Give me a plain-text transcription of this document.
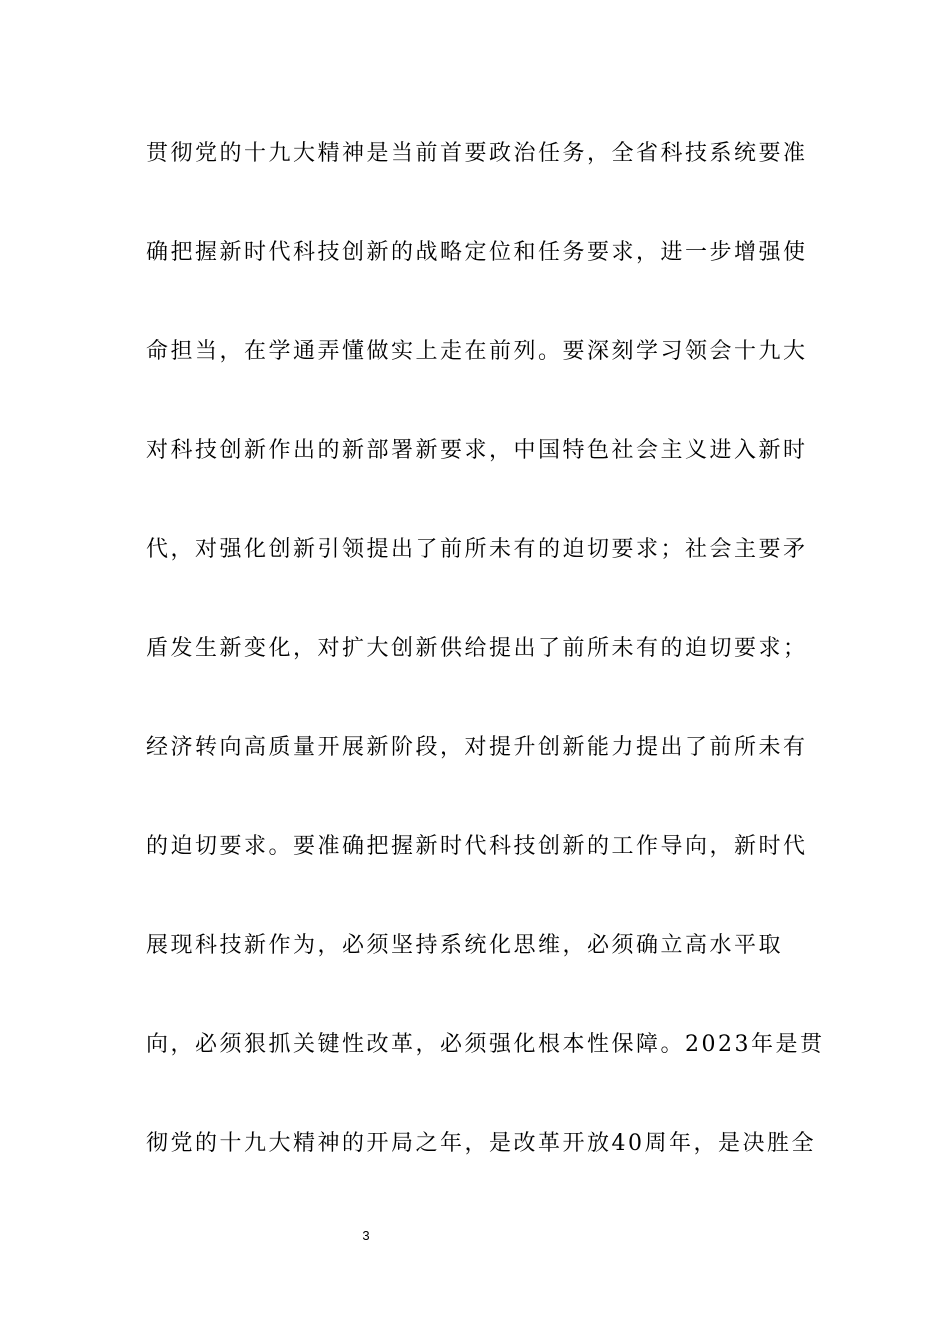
贯彻党的十九大精神是当前首要政治任务，全省科技系统要准
确把握新时代科技创新的战略定位和任务要求，进一步增强使
命担当，在学通弄懂做实上走在前列。要深刻学习领会十九大
对科技创新作出的新部署新要求，中国特色社会主义进入新时
代，对强化创新引领提出了前所未有的迫切要求；社会主要矛
盾发生新变化，对扩大创新供给提出了前所未有的迫切要求；
经济转向高质量开展新阶段，对提升创新能力提出了前所未有
的迫切要求。要准确把握新时代科技创新的工作导向，新时代
展现科技新作为，必须坚持系统化思维，必须确立高水平取
向，必须狠抓关键性改革，必须强化根本性保障。2023年是贯
彻党的十九大精神的开局之年，是改革开放40周年，是决胜全
3
